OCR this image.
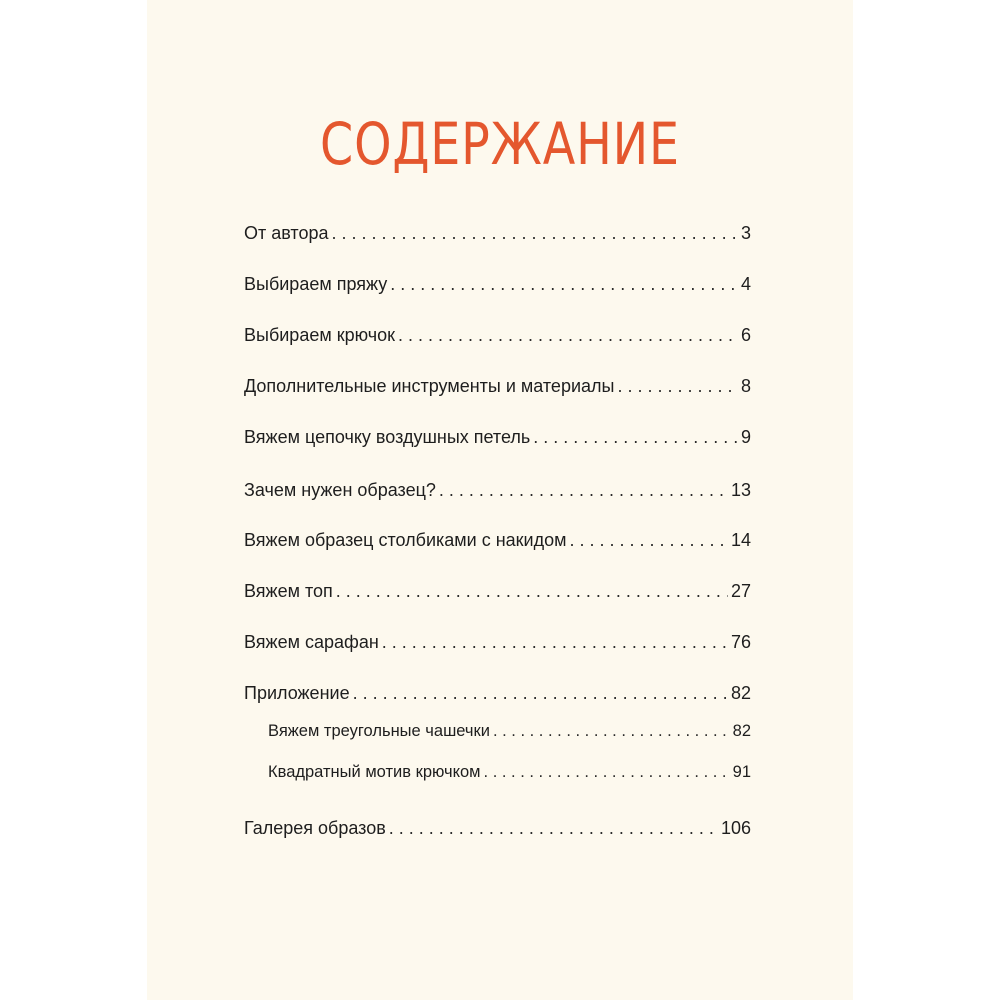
СОДЕРЖАНИЕ
От автора . . .	3
Выбираем пряжу . . .	4
Выбираем крючок . . .	6
Дополнительные инструменты и материалы . . .	8
Вяжем цепочку воздушных петель . . .	9
Зачем нужен образец? . . .	13
Вяжем образец столбиками с накидом . . .	14
Вяжем топ . . .	27
Вяжем сарафан . . .	76
Приложение . . .	82
Вяжем треугольные чашечки . . .	82
Квадратный мотив крючком . . .	91
Галерея образов . . .	106
